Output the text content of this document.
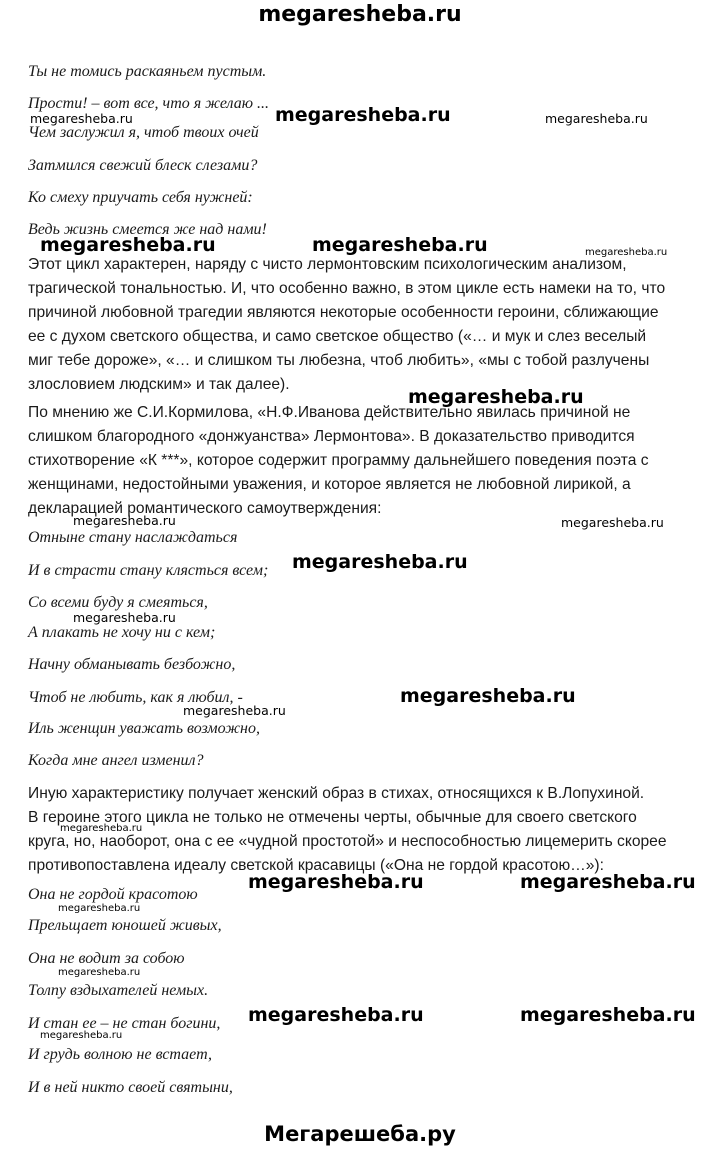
megaresheba.ru
Ты не томись раскаяньем пустым.
Прости! – вот все, что я желаю ...
Чем заслужил я, чтоб твоих очей
Затмился свежий блеск слезами?
Ко смеху приучать себя нужней:
Ведь жизнь смеется же над нами!
Этот цикл характерен, наряду с чисто лермонтовским психологическим анализом,
трагической тональностью. И, что особенно важно, в этом цикле есть намеки на то, что
причиной любовной трагедии являются некоторые особенности героини, сближающие
ее с духом светского общества, и само светское общество («… и мук и слез веселый
миг тебе дороже», «… и слишком ты любезна, чтоб любить», «мы с тобой разлучены
злословием людским» и так далее).
По мнению же С.И.Кормилова, «Н.Ф.Иванова действительно явилась причиной не
слишком благородного «донжуанства» Лермонтова». В доказательство приводится
стихотворение «К ***», которое содержит программу дальнейшего поведения поэта с
женщинами, недостойными уважения, и которое является не любовной лирикой, а
декларацией романтического самоутверждения:
Отныне стану наслаждаться
И в страсти стану клясться всем;
Со всеми буду я смеяться,
А плакать не хочу ни с кем;
Начну обманывать безбожно,
Чтоб не любить, как я любил, -
Иль женщин уважать возможно,
Когда мне ангел изменил?
Иную характеристику получает женский образ в стихах, относящихся к В.Лопухиной.
В героине этого цикла не только не отмечены черты, обычные для своего светского
круга, но, наоборот, она с ее «чудной простотой» и неспособностью лицемерить скорее
противопоставлена идеалу светской красавицы («Она не гордой красотою…»):
Она не гордой красотою
Прельщает юношей живых,
Она не водит за собою
Толпу вздыхателей немых.
И стан ее – не стан богини,
И грудь волною не встает,
И в ней никто своей святыни,
megaresheba.ru	megaresheba.ru	megaresheba.ru
megaresheba.ru	megaresheba.ru	megaresheba.ru
megaresheba.ru
megaresheba.ru	megaresheba.ru
megaresheba.ru
megaresheba.ru
megaresheba.ru
megaresheba.ru
megaresheba.ru
megaresheba.ru	megaresheba.ru
megaresheba.ru
megaresheba.ru
megaresheba.ru	megaresheba.ru
megaresheba.ru
Мегарешеба.ру
